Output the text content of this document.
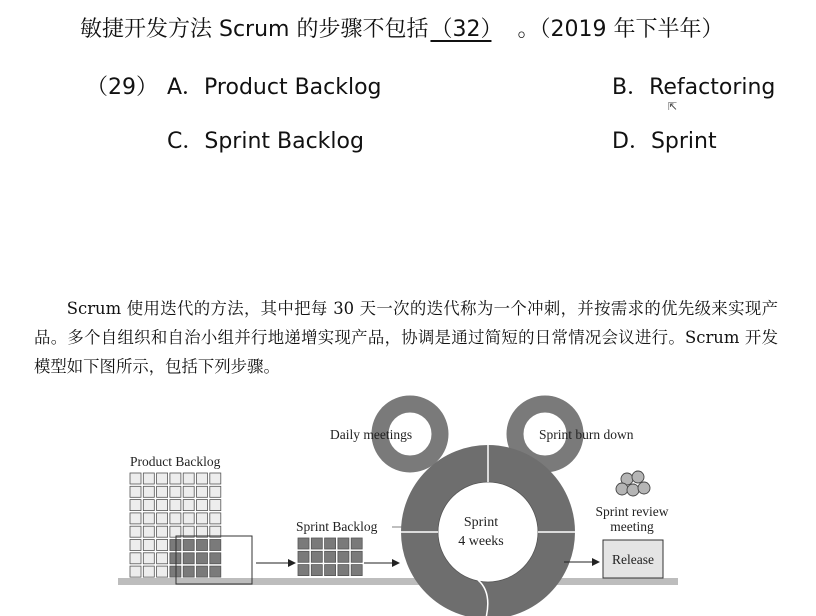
敏捷开发方法 Scrum 的步骤不包括（32） 。（2019 年下半年）
（29） A．Product Backlog	B．Refactoring
C．Sprint Backlog	D．Sprint
⇱
Scrum 使用迭代的方法，其中把每 30 天一次的迭代称为一个冲刺，并按需求的优先级来实现产品。多个自组织和自治小组并行地递增实现产品，协调是通过简短的日常情况会议进行。Scrum 开发模型如下图所示，包括下列步骤。
Product Backlog
Sprint Backlog
Daily meetings	Sprint burn down
Sprint
4 weeks
Sprint review
meeting
Release
